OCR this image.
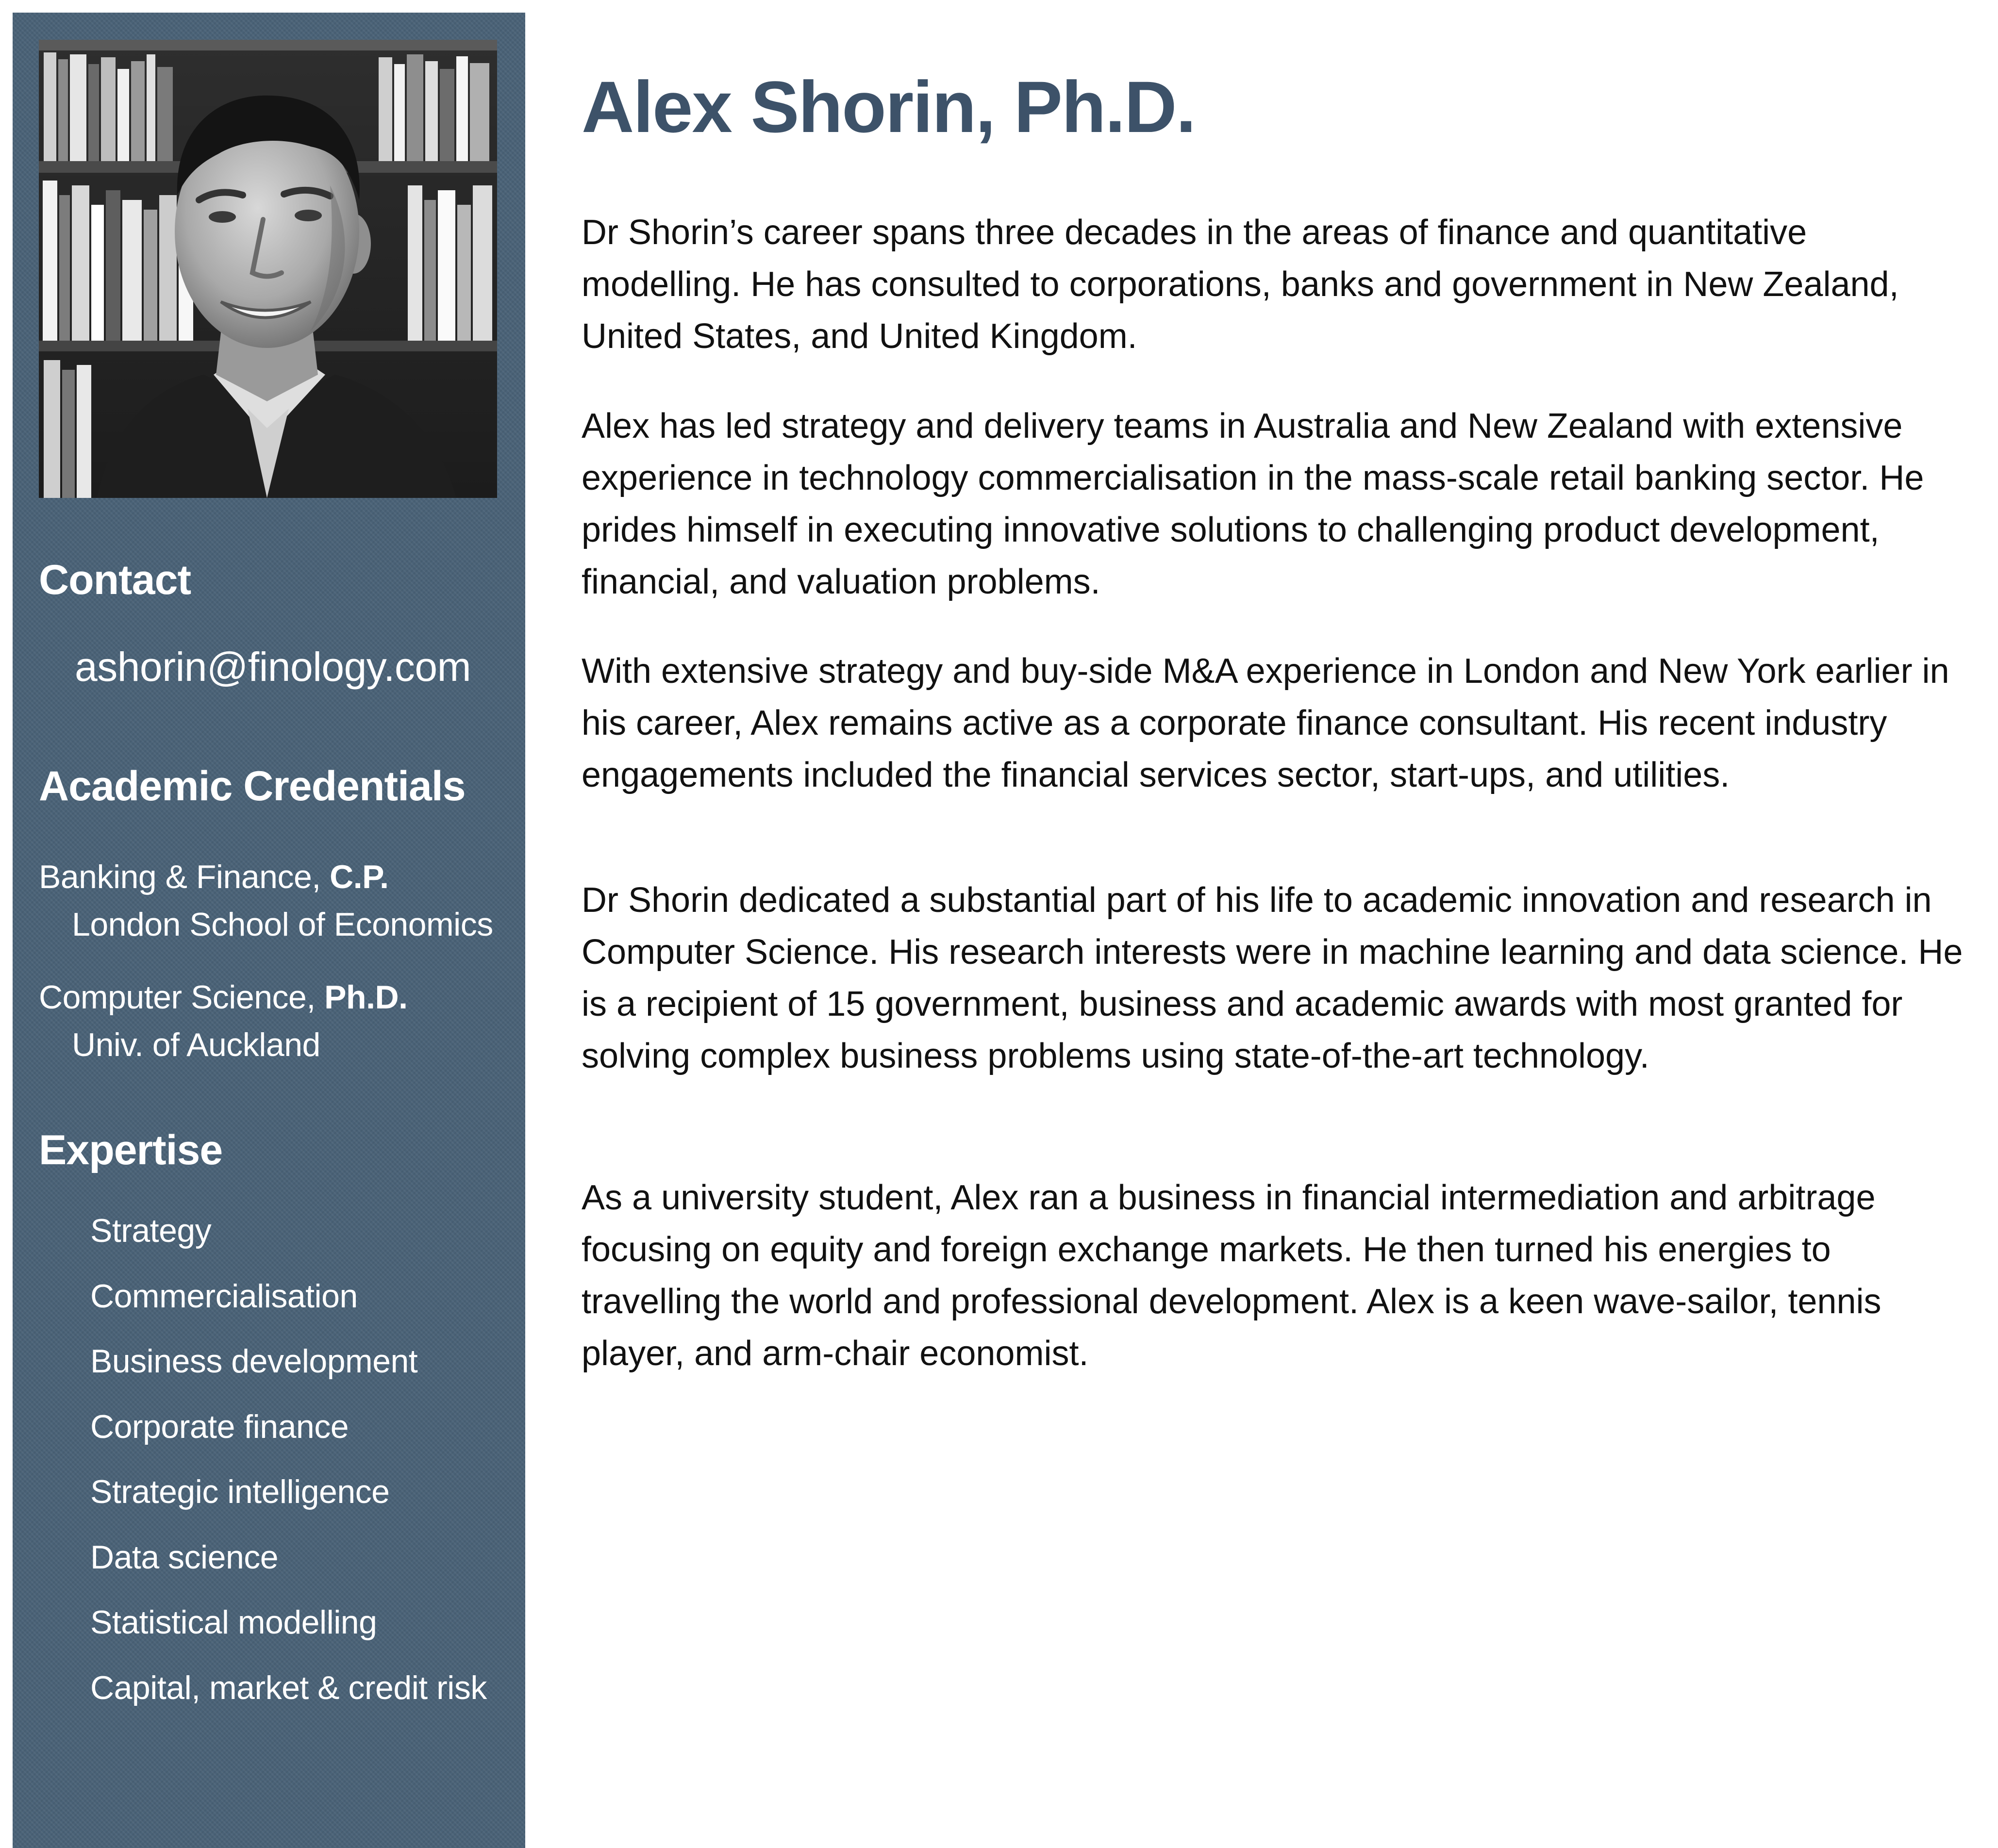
Contact
ashorin@finology.com
Academic Credentials
Banking & Finance, C.P.
London School of Economics
Computer Science, Ph.D.
Univ. of Auckland
Expertise
Strategy
Commercialisation
Business development
Corporate finance
Strategic intelligence
Data science
Statistical modelling
Capital, market & credit risk
Alex Shorin, Ph.D.

Dr Shorin’s career spans three decades in the areas of finance and quantitative modelling. He has consulted to corporations, banks and government in New Zealand, United States, and United Kingdom.

Alex has led strategy and delivery teams in Australia and New Zealand with extensive experience in technology commercialisation in the mass-scale retail banking sector. He prides himself in executing innovative solutions to challenging product development, financial, and valuation problems.

With extensive strategy and buy-side M&A experience in London and New York earlier in his career, Alex remains active as a corporate finance consultant. His recent industry engagements included the financial services sector, start-ups, and utilities.

Dr Shorin dedicated a substantial part of his life to academic innovation and research in Computer Science. His research interests were in machine learning and data science. He is a recipient of 15 government, business and academic awards with most granted for solving complex business problems using state-of-the-art technology.

As a university student, Alex ran a business in financial intermediation and arbitrage focusing on equity and foreign exchange markets. He then turned his energies to travelling the world and professional development. Alex is a keen wave-sailor, tennis player, and arm-chair economist.
